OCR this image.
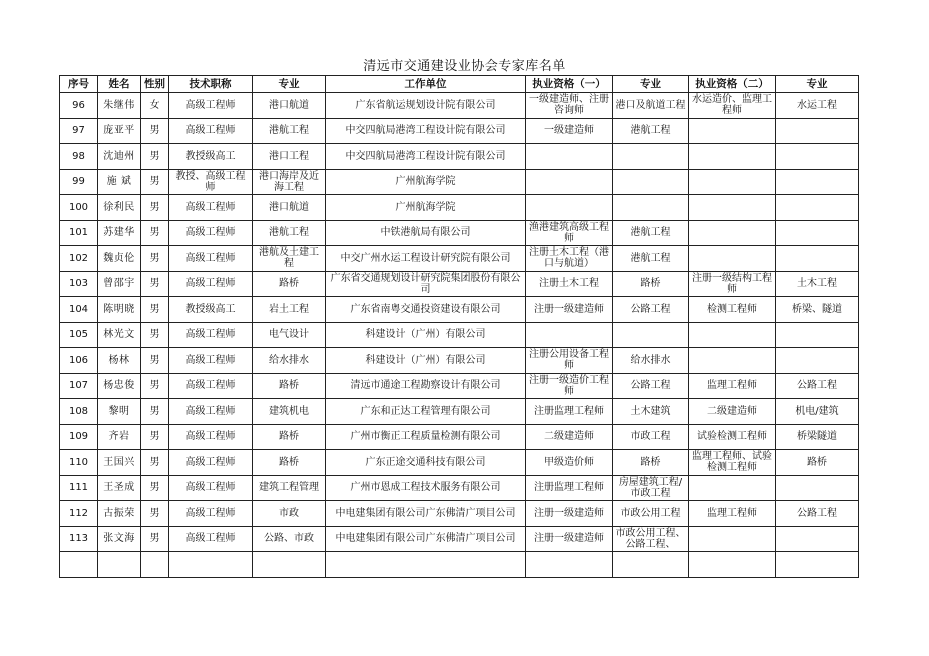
清远市交通建设业协会专家库名单
序号	姓名	性别	技术职称	专业	工作单位	执业资格（一）	专业	执业资格（二）	专业
96	朱继伟	女	高级工程师	港口航道	广东省航运规划设计院有限公司	一级建造师、注册咨询师	港口及航道工程	水运造价、监理工程师	水运工程
97	庞亚平	男	高级工程师	港航工程	中交四航局港湾工程设计院有限公司	一级建造师	港航工程		
98	沈迪州	男	教授级高工	港口工程	中交四航局港湾工程设计院有限公司				
99	施 斌	男	教授、高级工程师	港口海岸及近海工程	广州航海学院				
100	徐利民	男	高级工程师	港口航道	广州航海学院				
101	苏建华	男	高级工程师	港航工程	中铁港航局有限公司	渔港建筑高级工程师	港航工程		
102	魏贞伦	男	高级工程师	港航及土建工程	中交广州水运工程设计研究院有限公司	注册土木工程（港口与航道）	港航工程		
103	曾邵宇	男	高级工程师	路桥	广东省交通规划设计研究院集团股份有限公司	注册土木工程	路桥	注册一级结构工程师	土木工程
104	陈明晓	男	教授级高工	岩土工程	广东省南粤交通投资建设有限公司	注册一级建造师	公路工程	检测工程师	桥梁、隧道
105	林光文	男	高级工程师	电气设计	科建设计（广州）有限公司				
106	杨林	男	高级工程师	给水排水	科建设计（广州）有限公司	注册公用设备工程师	给水排水		
107	杨忠俊	男	高级工程师	路桥	清远市通途工程勘察设计有限公司	注册一级造价工程师	公路工程	监理工程师	公路工程
108	黎明	男	高级工程师	建筑机电	广东和正达工程管理有限公司	注册监理工程师	土木建筑	二级建造师	机电/建筑
109	齐岩	男	高级工程师	路桥	广州市衡正工程质量检测有限公司	二级建造师	市政工程	试验检测工程师	桥梁隧道
110	王国兴	男	高级工程师	路桥	广东正途交通科技有限公司	甲级造价师	路桥	监理工程师、试验检测工程师	路桥
111	王圣成	男	高级工程师	建筑工程管理	广州市恩成工程技术服务有限公司	注册监理工程师	房屋建筑工程/市政工程		
112	古振荣	男	高级工程师	市政	中电建集团有限公司广东佛清广项目公司	注册一级建造师	市政公用工程	监理工程师	公路工程
113	张文海	男	高级工程师	公路、市政	中电建集团有限公司广东佛清广项目公司	注册一级建造师	市政公用工程、公路工程、		
